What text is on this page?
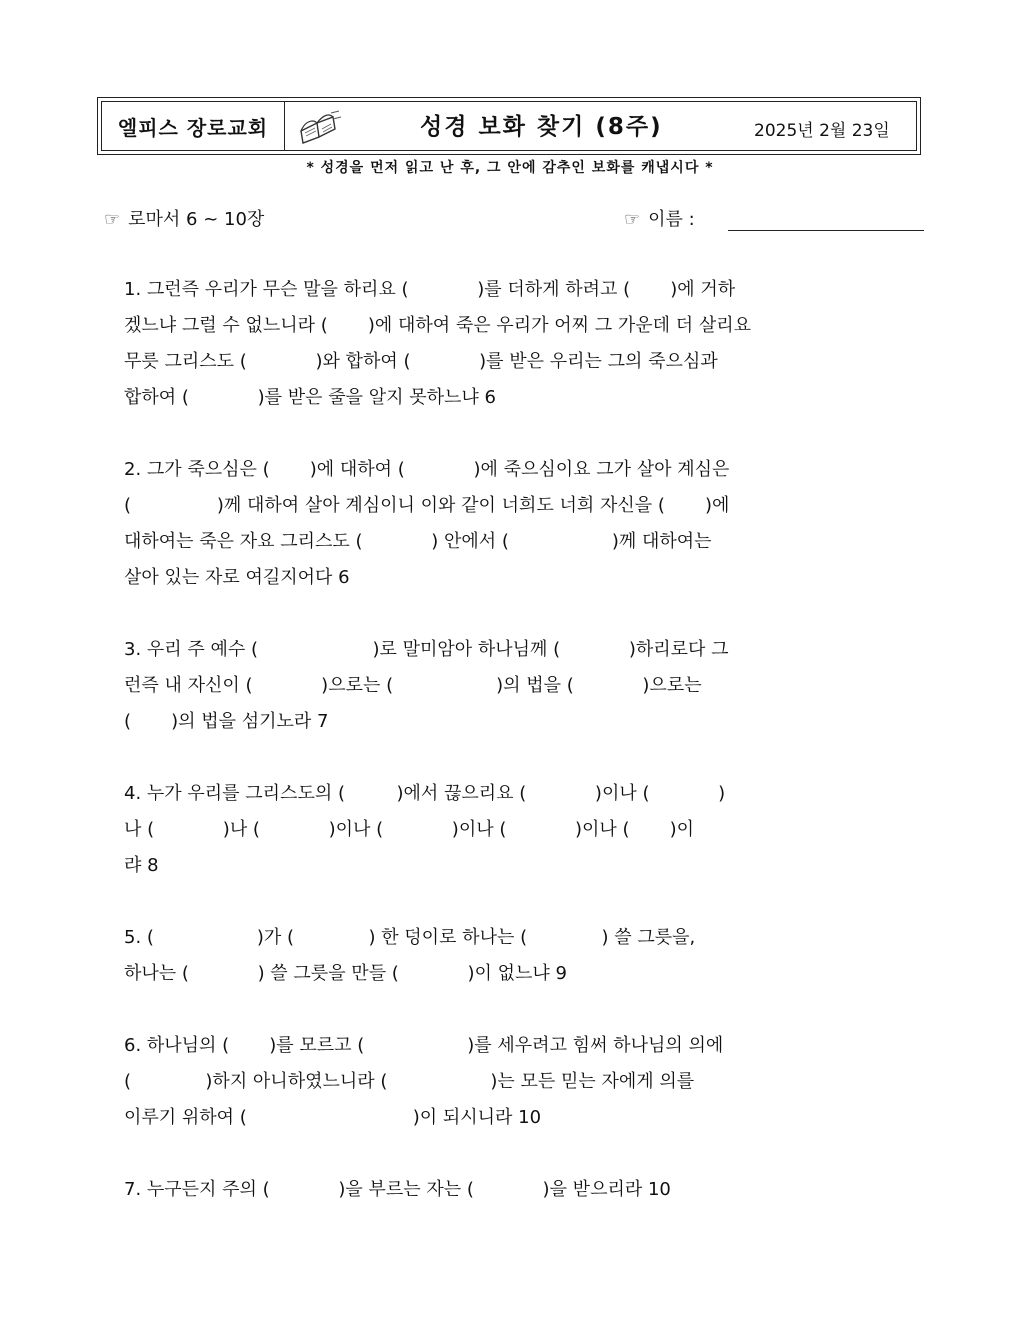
엘피스 장로교회	성경 보화 찾기 (8주)	2025년 2월 23일
* 성경을 먼저 읽고 난 후, 그 안에 감추인 보화를 캐냅시다 *
☞ 로마서 6 ~ 10장	☞ 이름 :
1. 그런즉 우리가 무슨 말을 하리요 (            )를 더하게 하려고 (       )에 거하
겠느냐 그럴 수 없느니라 (       )에 대하여 죽은 우리가 어찌 그 가운데 더 살리요
무릇 그리스도 (            )와 합하여 (            )를 받은 우리는 그의 죽으심과
합하여 (            )를 받은 줄을 알지 못하느냐 6
2. 그가 죽으심은 (       )에 대하여 (            )에 죽으심이요 그가 살아 계심은
(               )께 대하여 살아 계심이니 이와 같이 너희도 너희 자신을 (       )에
대하여는 죽은 자요 그리스도 (            ) 안에서 (                  )께 대하여는
살아 있는 자로 여길지어다 6
3. 우리 주 예수 (                    )로 말미암아 하나님께 (            )하리로다 그
런즉 내 자신이 (            )으로는 (                  )의 법을 (            )으로는
(       )의 법을 섬기노라 7
4. 누가 우리를 그리스도의 (         )에서 끊으리요 (            )이나 (            )
나 (            )나 (            )이나 (            )이나 (            )이나 (       )이
랴 8
5. (                  )가 (             ) 한 덩이로 하나는 (             ) 쓸 그릇을,
하나는 (            ) 쓸 그릇을 만들 (            )이 없느냐 9
6. 하나님의 (       )를 모르고 (                  )를 세우려고 힘써 하나님의 의에
(             )하지 아니하였느니라 (                  )는 모든 믿는 자에게 의를
이루기 위하여 (                             )이 되시니라 10
7. 누구든지 주의 (            )을 부르는 자는 (            )을 받으리라 10
